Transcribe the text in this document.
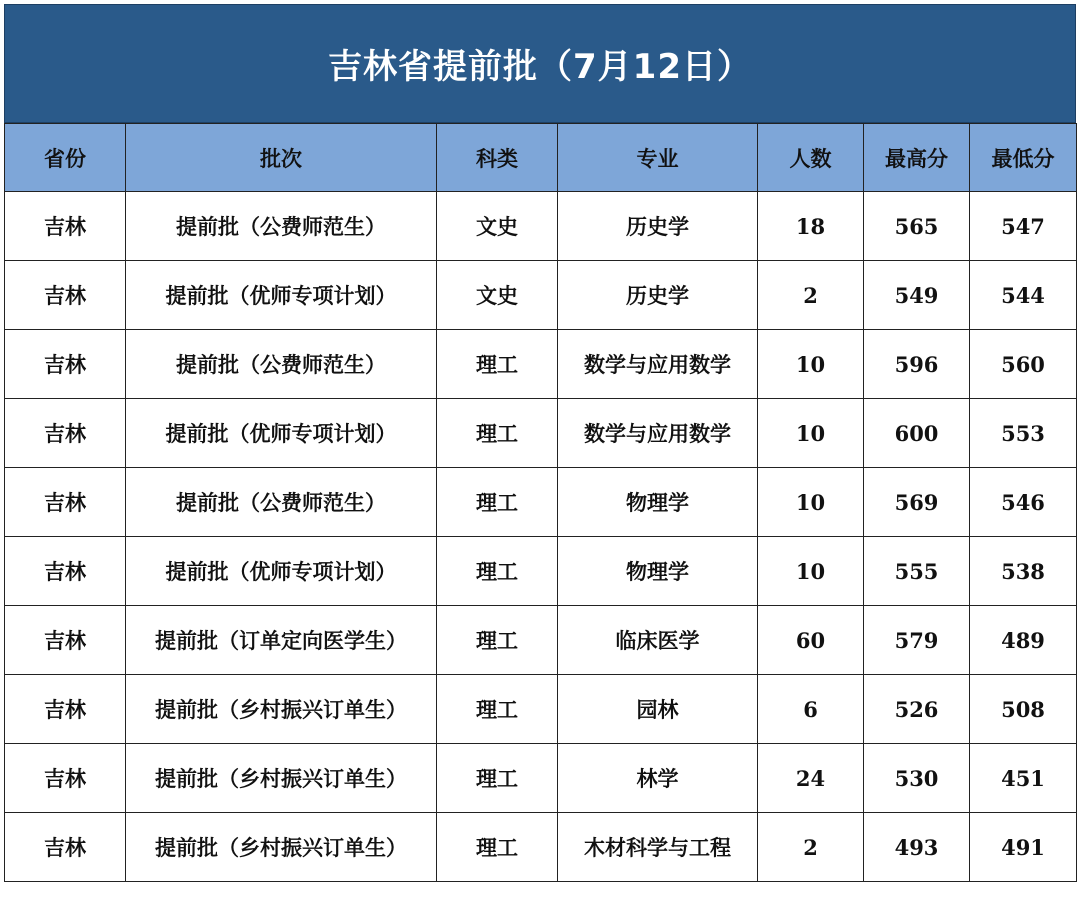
吉林省提前批（7月12日）
省份	批次	科类	专业	人数	最高分	最低分
吉林	提前批（公费师范生）	文史	历史学	18	565	547
吉林	提前批（优师专项计划）	文史	历史学	2	549	544
吉林	提前批（公费师范生）	理工	数学与应用数学	10	596	560
吉林	提前批（优师专项计划）	理工	数学与应用数学	10	600	553
吉林	提前批（公费师范生）	理工	物理学	10	569	546
吉林	提前批（优师专项计划）	理工	物理学	10	555	538
吉林	提前批（订单定向医学生）	理工	临床医学	60	579	489
吉林	提前批（乡村振兴订单生）	理工	园林	6	526	508
吉林	提前批（乡村振兴订单生）	理工	林学	24	530	451
吉林	提前批（乡村振兴订单生）	理工	木材科学与工程	2	493	491
